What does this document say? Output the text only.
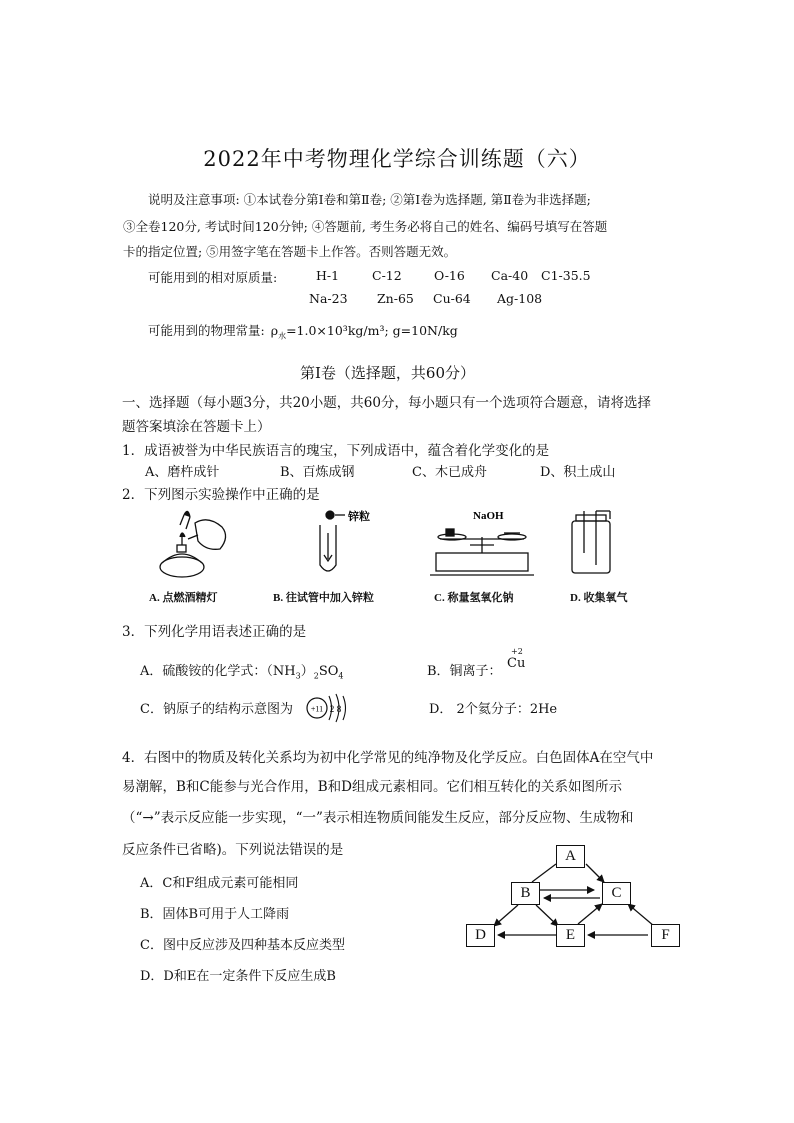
2022年中考物理化学综合训练题（六）
说明及注意事项: ①本试卷分第Ⅰ卷和第Ⅱ卷; ②第Ⅰ卷为选择题, 第Ⅱ卷为非选择题;
③全卷120分, 考试时间120分钟; ④答题前, 考生务必将自己的姓名、编码号填写在答题
卡的指定位置; ⑤用签字笔在答题卡上作答。否则答题无效。
可能用到的相对原质量:	H-1	C-12	O-16 Ca-40 C1-35.5
Na-23 Zn-65 Cu-64 Ag-108
可能用到的物理常量: $\rho_水=1.0\times 10^3kg/m^3$; g=10N/kg
第Ⅰ卷（选择题，共60分）
一、选择题（每小题3分，共20小题，共60分，每小题只有一个选项符合题意，请将选择
题答案填涂在答题卡上）
1．成语被誉为中华民族语言的瑰宝，下列成语中，蕴含着化学变化的是
A、磨杵成针	B、百炼成钢	C、木已成舟	D、积土成山
2．下列图示实验操作中正确的是
锌粒	NaOH
A. 点燃酒精灯	B. 往试管中加入锌粒	C. 称量氢氧化钠	D. 收集氧气
3．下列化学用语表述正确的是
A．硫酸铵的化学式：$(NH_3)_2SO_4$	B．铜离子：
+2
Cu
C．钠原子的结构示意图为 +11 2 8	D． 2个氦分子：2He
4．右图中的物质及转化关系均为初中化学常见的纯净物及化学反应。白色固体A在空气中
易潮解，B和C能参与光合作用，B和D组成元素相同。它们相互转化的关系如图所示
（“→”表示反应能一步实现，“一”表示相连物质间能发生反应，部分反应物、生成物和
反应条件已省略)。下列说法错误的是
A．C和F组成元素可能相同
B．固体B可用于人工降雨
C．图中反应涉及四种基本反应类型
D．D和E在一定条件下反应生成B
A
B	C
D	E	F
